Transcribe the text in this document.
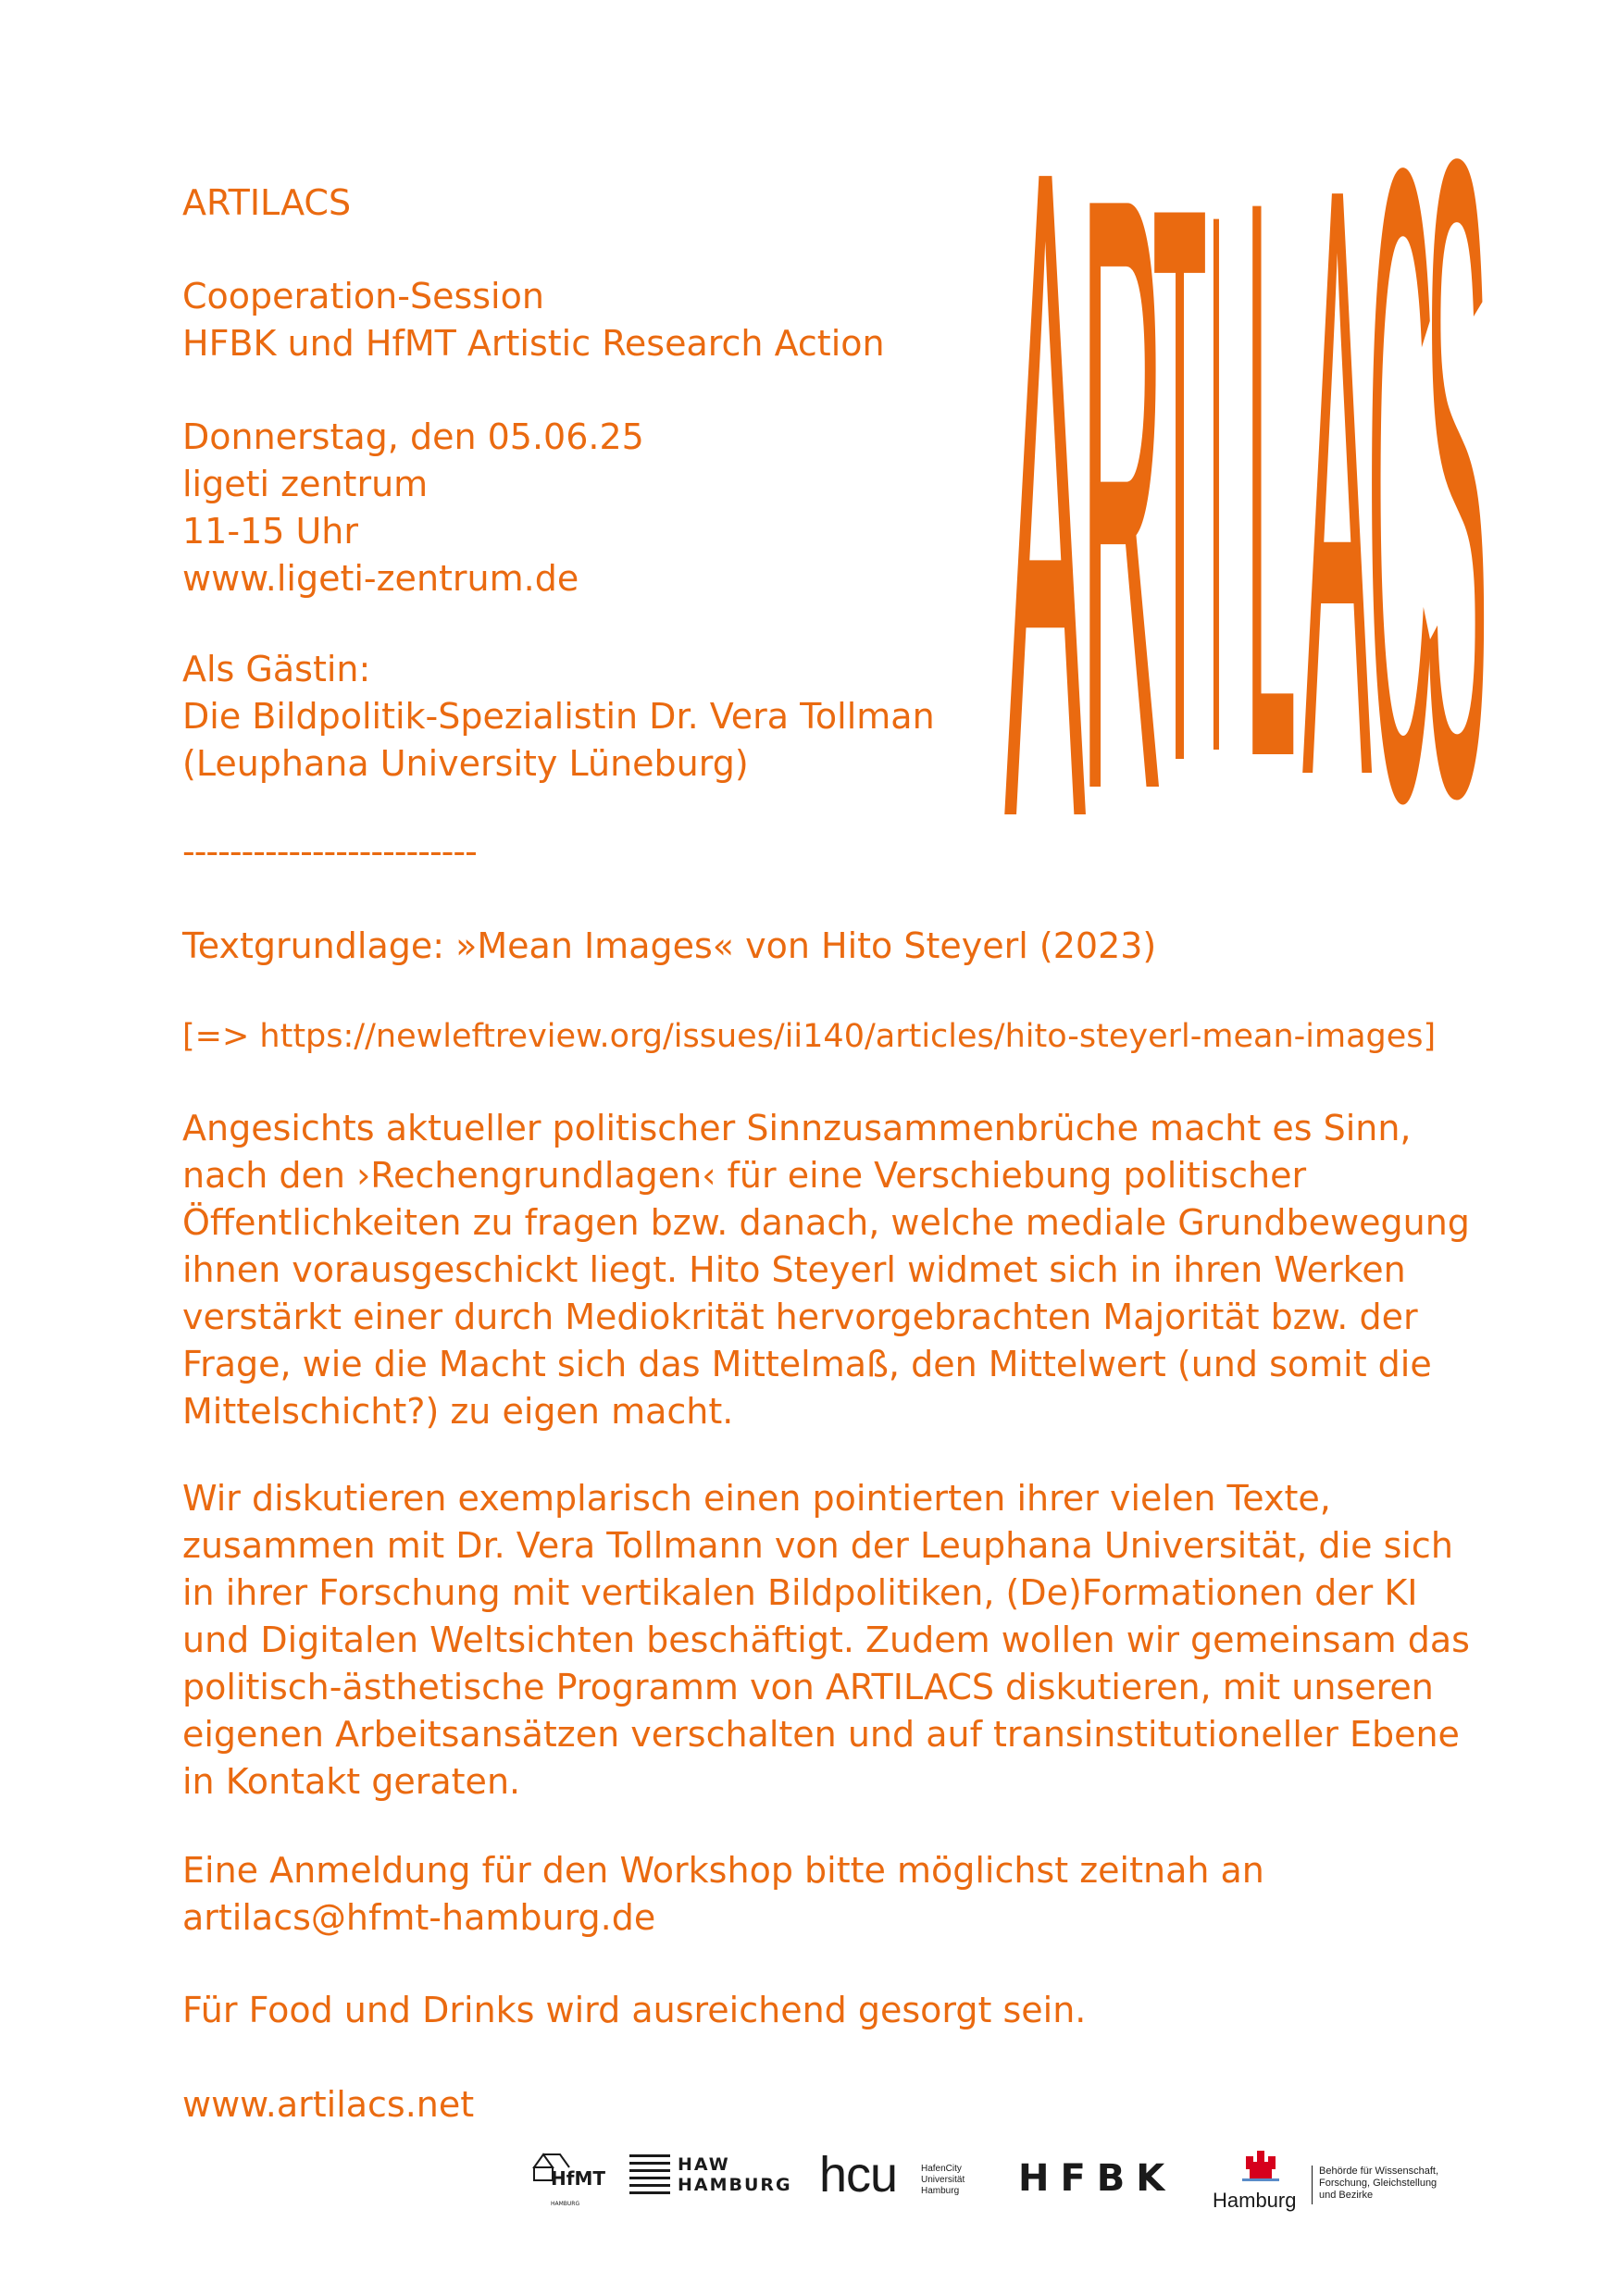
ARTILACS
Cooperation-Session
HFBK und HfMT Artistic Research Action
Donnerstag, den 05.06.25
ligeti zentrum
11-15 Uhr
www.ligeti-zentrum.de
Als Gästin:
Die Bildpolitik-Spezialistin Dr. Vera Tollman
(Leuphana University Lüneburg)
-------------------------
Textgrundlage: »Mean Images« von Hito Steyerl (2023)
[=> https://newleftreview.org/issues/ii140/articles/hito-steyerl-mean-images]
Angesichts aktueller politischer Sinnzusammenbrüche macht es Sinn,
nach den ›Rechengrundlagen‹ für eine Verschiebung politischer
Öffentlichkeiten zu fragen bzw. danach, welche mediale Grundbewegung
ihnen vorausgeschickt liegt. Hito Steyerl widmet sich in ihren Werken
verstärkt einer durch Mediokrität hervorgebrachten Majorität bzw. der
Frage, wie die Macht sich das Mittelmaß, den Mittelwert (und somit die
Mittelschicht?) zu eigen macht.
Wir diskutieren exemplarisch einen pointierten ihrer vielen Texte,
zusammen mit Dr. Vera Tollmann von der Leuphana Universität, die sich
in ihrer Forschung mit vertikalen Bildpolitiken, (De)Formationen der KI
und Digitalen Weltsichten beschäftigt. Zudem wollen wir gemeinsam das
politisch-ästhetische Programm von ARTILACS diskutieren, mit unseren
eigenen Arbeitsansätzen verschalten und auf transinstitutioneller Ebene
in Kontakt geraten.
Eine Anmeldung für den Workshop bitte möglichst zeitnah an
artilacs@hfmt-hamburg.de
Für Food und Drinks wird ausreichend gesorgt sein.
www.artilacs.net
A
R
T I L A
C
S
HfMT
HAMBURG
HAW
HAMBURG hcu	HafenCity
Universität
Hamburg HFBK
Hamburg
Behörde für Wissenschaft,
Forschung, Gleichstellung
und Bezirke
